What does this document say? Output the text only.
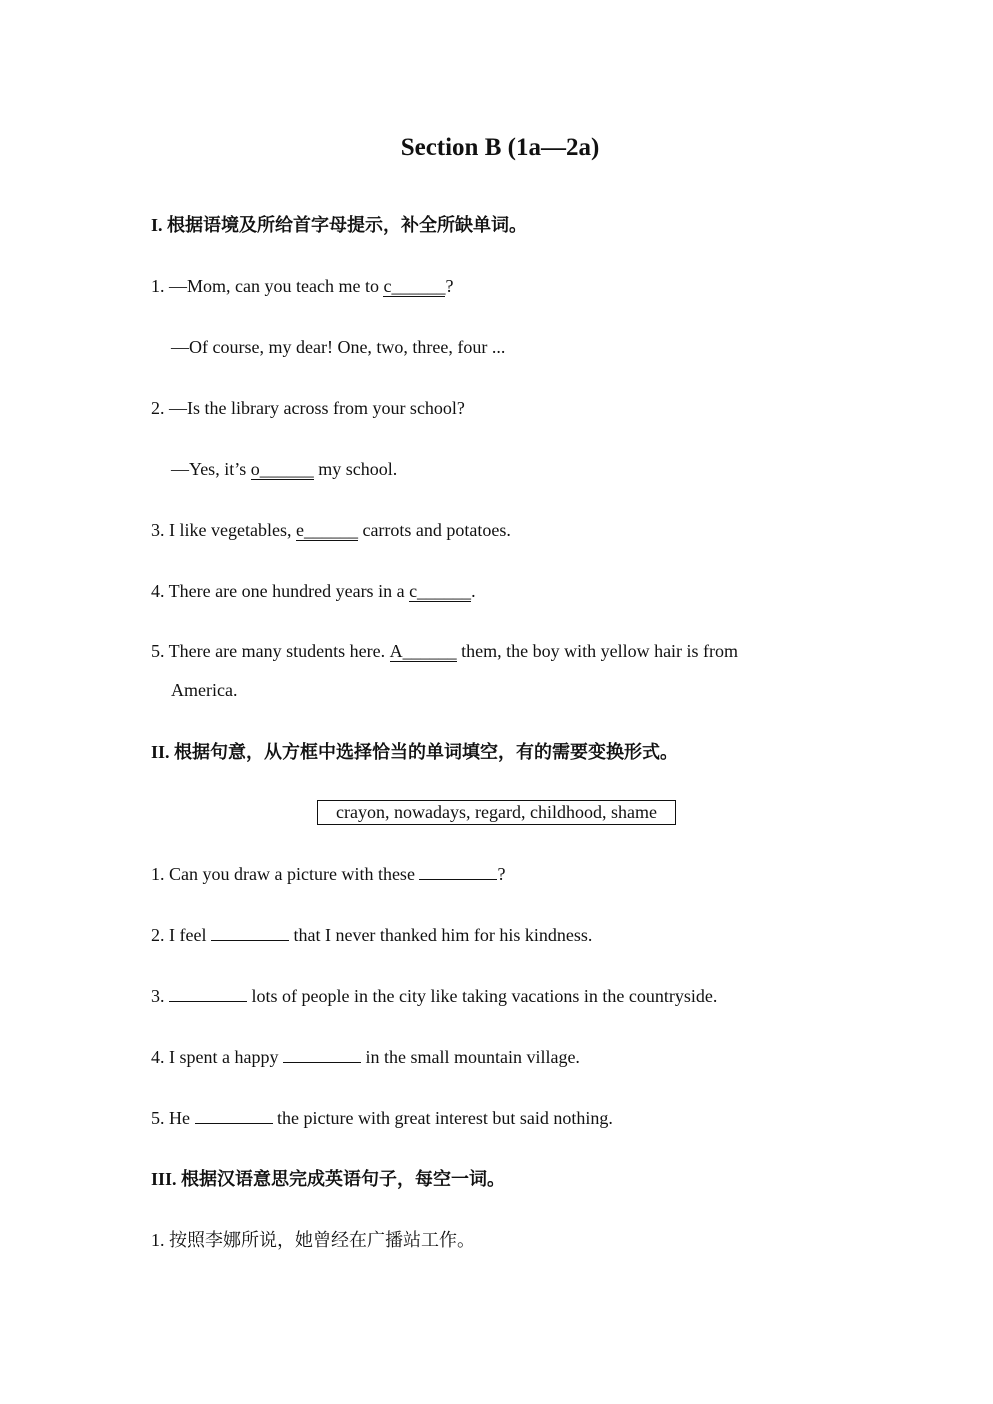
Section B (1a—2a)
I. 根据语境及所给首字母提示，补全所缺单词。
1. —Mom, can you teach me to c______?
—Of course, my dear! One, two, three, four ...
2. —Is the library across from your school?
—Yes, it’s o______ my school.
3. I like vegetables, e______ carrots and potatoes.
4. There are one hundred years in a c______.
5. There are many students here. A______ them, the boy with yellow hair is from
America.
II. 根据句意，从方框中选择恰当的单词填空，有的需要变换形式。
crayon, nowadays, regard, childhood, shame
1. Can you draw a picture with these	?
2. I feel	that I never thanked him for his kindness.
3.	lots of people in the city like taking vacations in the countryside.
4. I spent a happy	in the small mountain village.
5. He	the picture with great interest but said nothing.
III. 根据汉语意思完成英语句子，每空一词。
1. 按照李娜所说，她曾经在广播站工作。
